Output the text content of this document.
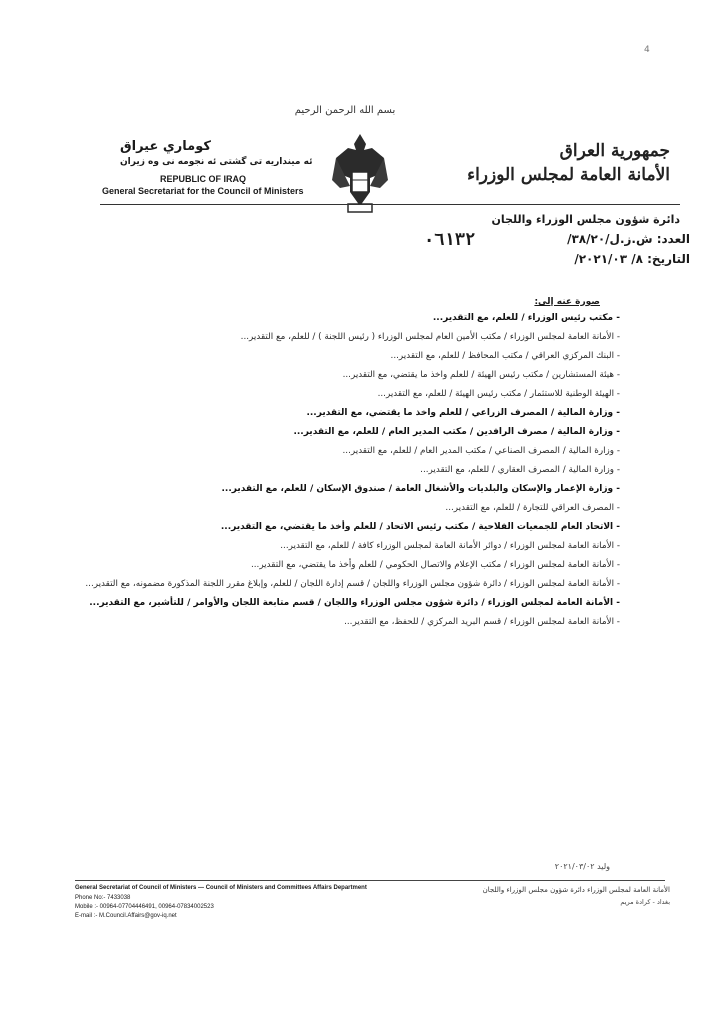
4
بسم الله الرحمن الرحيم
جمهورية العراق
الأمانة العامة لمجلس الوزراء
كوماري عيراق
ئه مینداریه تی گشتی ئه نجومه نی وه زیران
REPUBLIC OF IRAQ
General Secretariat for the Council of Ministers
دائرة شؤون مجلس الوزراء واللجان
العدد: ش.ز.ل/٣٨/٢٠/
٠٦١٣٢
التاريخ: ٨/ ٢٠٢١/٠٣/
صورة عنه إلى:
- مكتب رئيس الوزراء / للعلم، مع التقدير...
- الأمانة العامة لمجلس الوزراء / مكتب الأمين العام لمجلس الوزراء ( رئيس اللجنة ) / للعلم، مع التقدير...
- البنك المركزي العراقي / مكتب المحافظ / للعلم، مع التقدير...
- هيئة المستشارين / مكتب رئيس الهيئة / للعلم واخذ ما يقتضي، مع التقدير...
- الهيئة الوطنية للاستثمار / مكتب رئيس الهيئة / للعلم، مع التقدير...
- وزارة المالية / المصرف الزراعي / للعلم واخذ ما يقتضي، مع التقدير...
- وزارة المالية / مصرف الرافدين / مكتب المدير العام / للعلم، مع التقدير...
- وزارة المالية / المصرف الصناعي / مكتب المدير العام / للعلم، مع التقدير...
- وزارة المالية / المصرف العقاري / للعلم، مع التقدير...
- وزارة الإعمار والإسكان والبلديات والأشغال العامة / صندوق الإسكان / للعلم، مع التقدير...
- المصرف العراقي للتجارة / للعلم، مع التقدير...
- الاتحاد العام للجمعيات الفلاحية / مكتب رئيس الاتحاد / للعلم وأخذ ما يقتضي، مع التقدير...
- الأمانة العامة لمجلس الوزراء / دوائر الأمانة العامة لمجلس الوزراء كافة / للعلم، مع التقدير...
- الأمانة العامة لمجلس الوزراء / مكتب الإعلام والاتصال الحكومي / للعلم وأخذ ما يقتضي، مع التقدير...
- الأمانة العامة لمجلس الوزراء / دائرة شؤون مجلس الوزراء واللجان / قسم إدارة اللجان / للعلم، وإبلاغ مقرر اللجنة المذكورة مضمونه، مع التقدير...
- الأمانة العامة لمجلس الوزراء / دائرة شؤون مجلس الوزراء واللجان / قسم متابعة اللجان والأوامر / للتأشير، مع التقدير...
- الأمانة العامة لمجلس الوزراء / قسم البريد المركزي / للحفظ، مع التقدير...
وليد ٢٠٢١/٠٣/٠٢
الأمانة العامة لمجلس الوزراء دائرة شؤون مجلس الوزراء واللجان
بغداد - كرادة مريم
General Secretariat of Council of Ministers — Council of Ministers and Committees Affairs Department
Phone No:- 7433038
Mobile :- 00964-07704446491, 00964-07834002523
E-mail :- M.Council.Affairs@gov-iq.net
